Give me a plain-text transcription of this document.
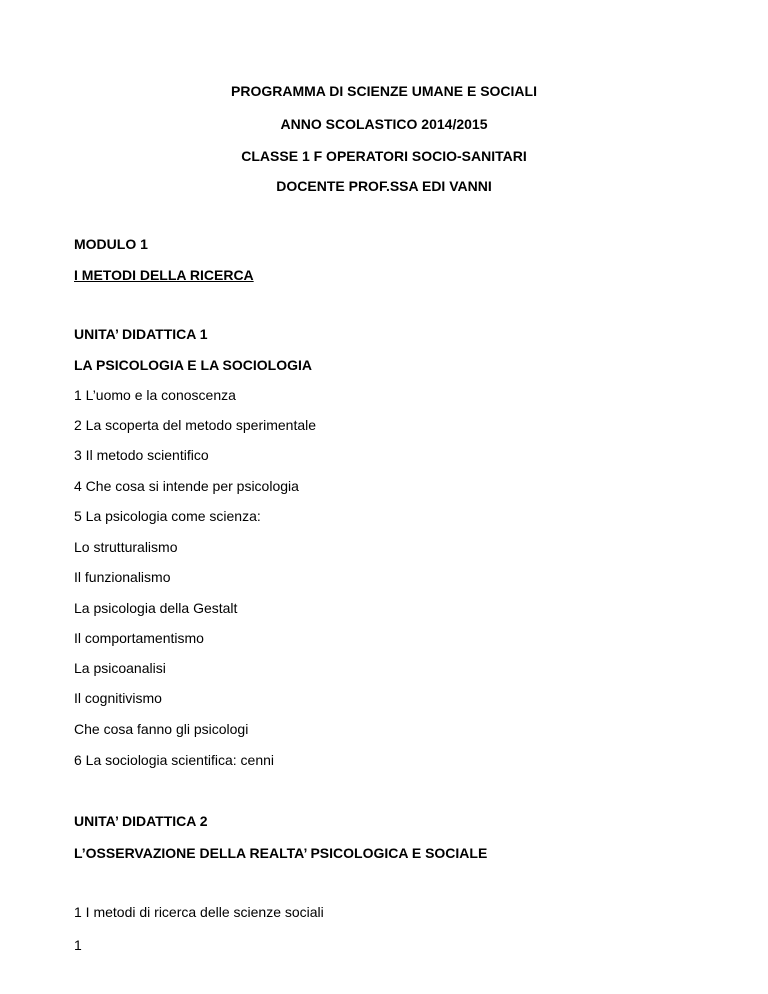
PROGRAMMA DI SCIENZE UMANE E SOCIALI
ANNO SCOLASTICO 2014/2015
CLASSE 1 F OPERATORI SOCIO-SANITARI
DOCENTE PROF.SSA EDI VANNI
MODULO 1
I METODI DELLA RICERCA
UNITA’ DIDATTICA 1
LA PSICOLOGIA E LA SOCIOLOGIA
1 L’uomo e la conoscenza
2 La scoperta del metodo sperimentale
3 Il metodo scientifico
4 Che cosa si intende per psicologia
5 La psicologia come scienza:
Lo strutturalismo
Il funzionalismo
La psicologia della Gestalt
Il comportamentismo
La psicoanalisi
Il cognitivismo
Che cosa fanno gli psicologi
6 La sociologia scientifica: cenni
UNITA’ DIDATTICA 2
L’OSSERVAZIONE DELLA REALTA’ PSICOLOGICA E SOCIALE
1 I metodi di ricerca delle scienze sociali
1
